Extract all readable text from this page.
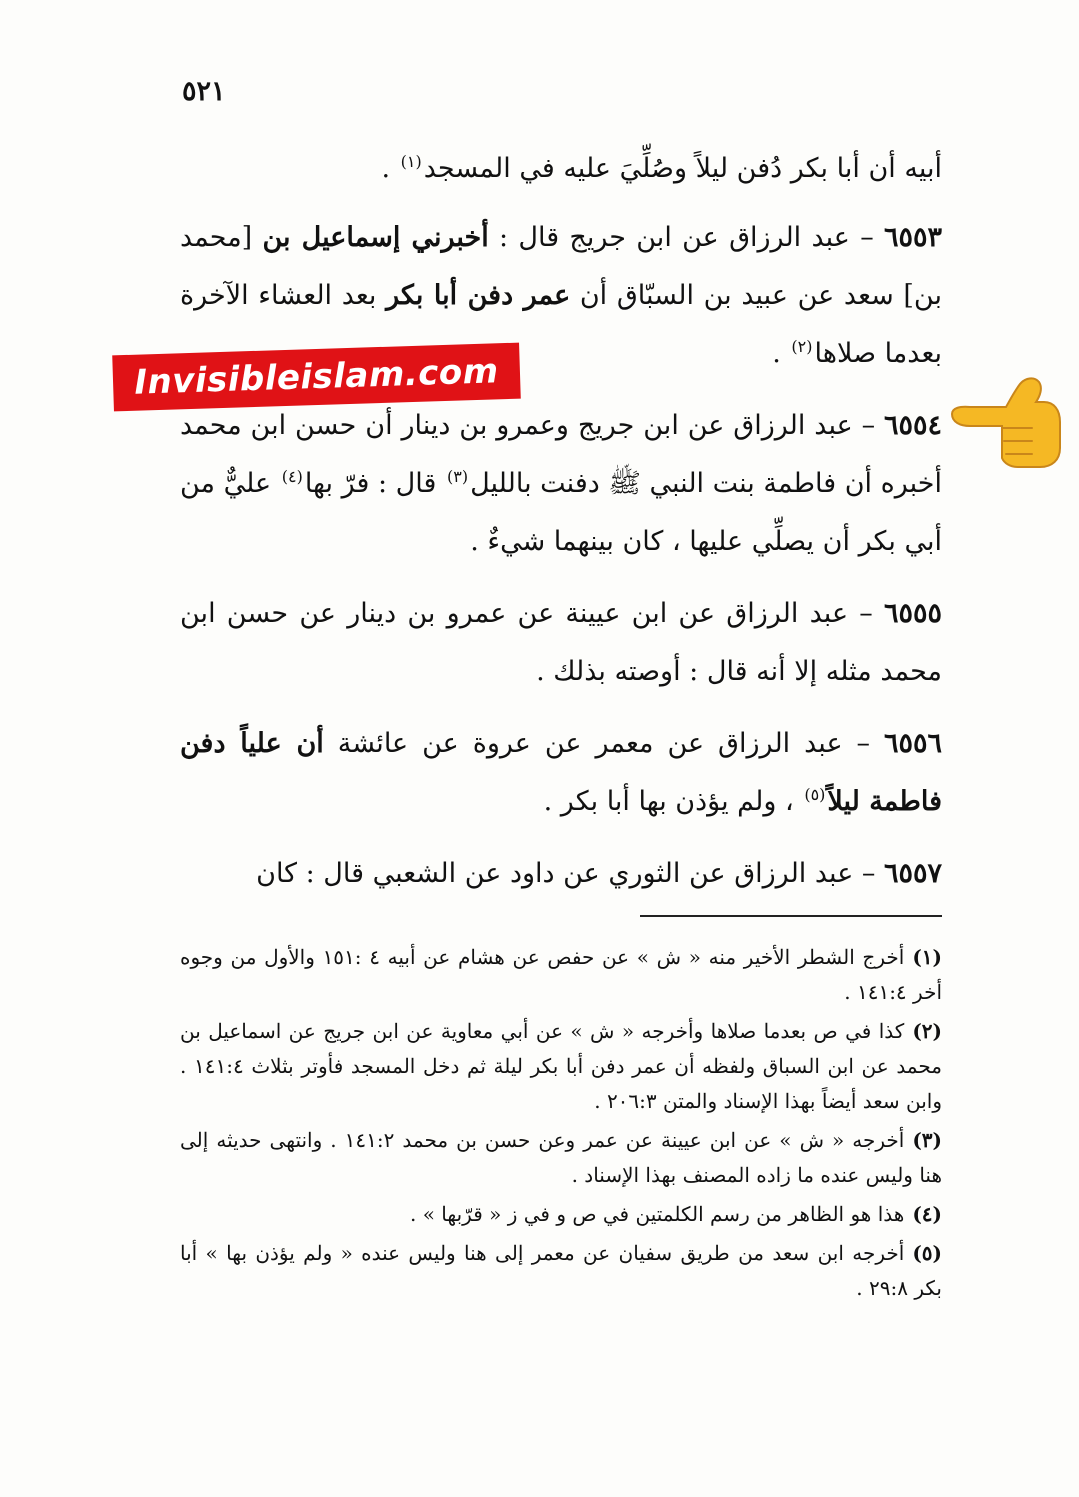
٥٢١

أبيه أن أبا بكر دُفن ليلاً وصُلِّيَ عليه في المسجد$^{(١)}$ .

٦٥٥٣ – عبد الرزاق عن ابن جريج قال : أخبرني إسماعيل بن [محمد بن] سعد عن عبيد بن السبّاق أن عمر دفن أبا بكر بعد العشاء الآخرة بعدما صلاها$^{(٢)}$ .

٦٥٥٤ – عبد الرزاق عن ابن جريج وعمرو بن دينار أن حسن ابن محمد أخبره أن فاطمة بنت النبي ﷺ دفنت بالليل$^{(٣)}$ قال : فرّ بها$^{(٤)}$ عليٌّ من أبي بكر أن يصلِّي عليها ، كان بينهما شيءٌ .

٦٥٥٥ – عبد الرزاق عن ابن عيينة عن عمرو بن دينار عن حسن ابن محمد مثله إلا أنه قال : أوصته بذلك .

٦٥٥٦ – عبد الرزاق عن معمر عن عروة عن عائشة أن علياً دفن فاطمة ليلاً$^{(٥)}$ ، ولم يؤذن بها أبا بكر .

٦٥٥٧ – عبد الرزاق عن الثوري عن داود عن الشعبي قال : كان

(١)أخرج الشطر الأخير منه « ش » عن حفص عن هشام عن أبيه ٤ :١٥١ والأول من وجوه أخر ١٤١:٤ .

(٢)كذا في ص بعدما صلاها وأخرجه « ش » عن أبي معاوية عن ابن جريج عن اسماعيل بن محمد عن ابن السباق ولفظه أن عمر دفن أبا بكر ليلة ثم دخل المسجد فأوتر بثلاث ١٤١:٤ . وابن سعد أيضاً بهذا الإسناد والمتن ٢٠٦:٣ .

(٣)أخرجه « ش » عن ابن عيينة عن عمر وعن حسن بن محمد ١٤١:٢ . وانتهى حديثه إلى هنا وليس عنده ما زاده المصنف بهذا الإسناد .

(٤)هذا هو الظاهر من رسم الكلمتين في ص و في ز « قرّبها » .

(٥)أخرجه ابن سعد من طريق سفيان عن معمر إلى هنا وليس عنده « ولم يؤذن بها » أبا بكر ٢٩:٨ .

Invisibleislam.com
